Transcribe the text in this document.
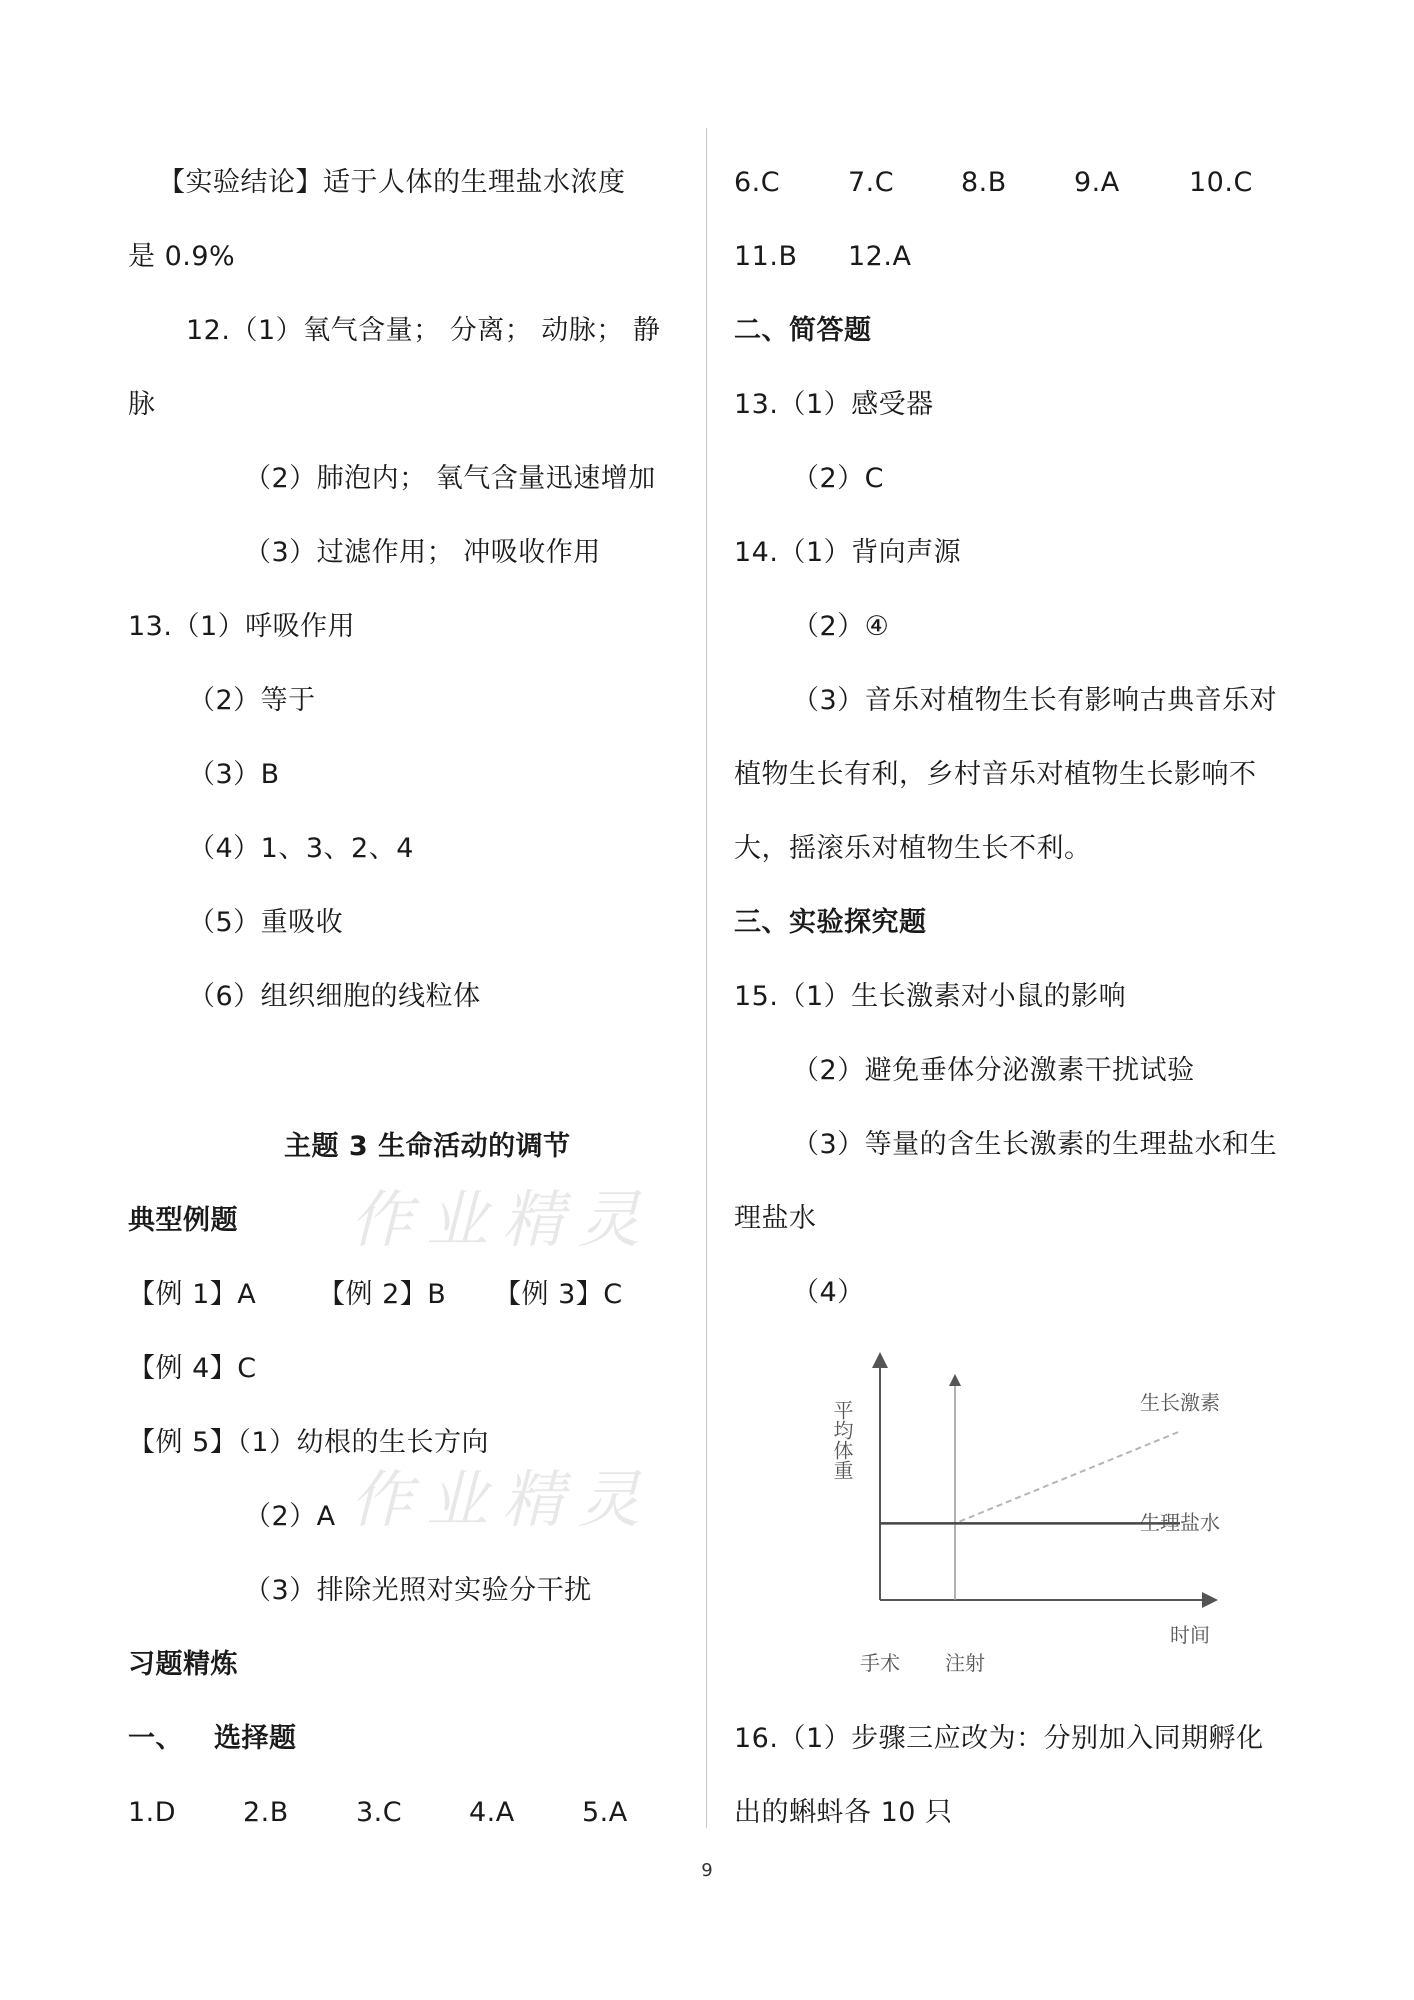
【实验结论】适于人体的生理盐水浓度
是 0.9%
12.（1）氧气含量； 分离； 动脉； 静
脉
（2）肺泡内； 氧气含量迅速增加
（3）过滤作用； 冲吸收作用
13.（1）呼吸作用
（2）等于
（3）B
（4）1、3、2、4
（5）重吸收
（6）组织细胞的线粒体
主题 3 生命活动的调节
典型例题
【例 1】A 【例 2】B 【例 3】C
【例 4】C
【例 5】（1）幼根的生长方向
（2）A
（3）排除光照对实验分干扰
习题精炼
一、 选择题
1.D	2.B	3.C	4.A	5.A
6.C	7.C	8.B	9.A	10.C
11.B	12.A
二、简答题
13.（1）感受器
（2）C
14.（1）背向声源
（2）④
（3）音乐对植物生长有影响古典音乐对
植物生长有利，乡村音乐对植物生长影响不
大，摇滚乐对植物生长不利。
三、实验探究题
15.（1）生长激素对小鼠的影响
（2）避免垂体分泌激素干扰试验
（3）等量的含生长激素的生理盐水和生
理盐水
（4）
生长激素
生理盐水
平均体重
时间
手术 注射
16.（1）步骤三应改为：分别加入同期孵化
出的蝌蚪各 10 只
作业精灵
作业精灵
9
